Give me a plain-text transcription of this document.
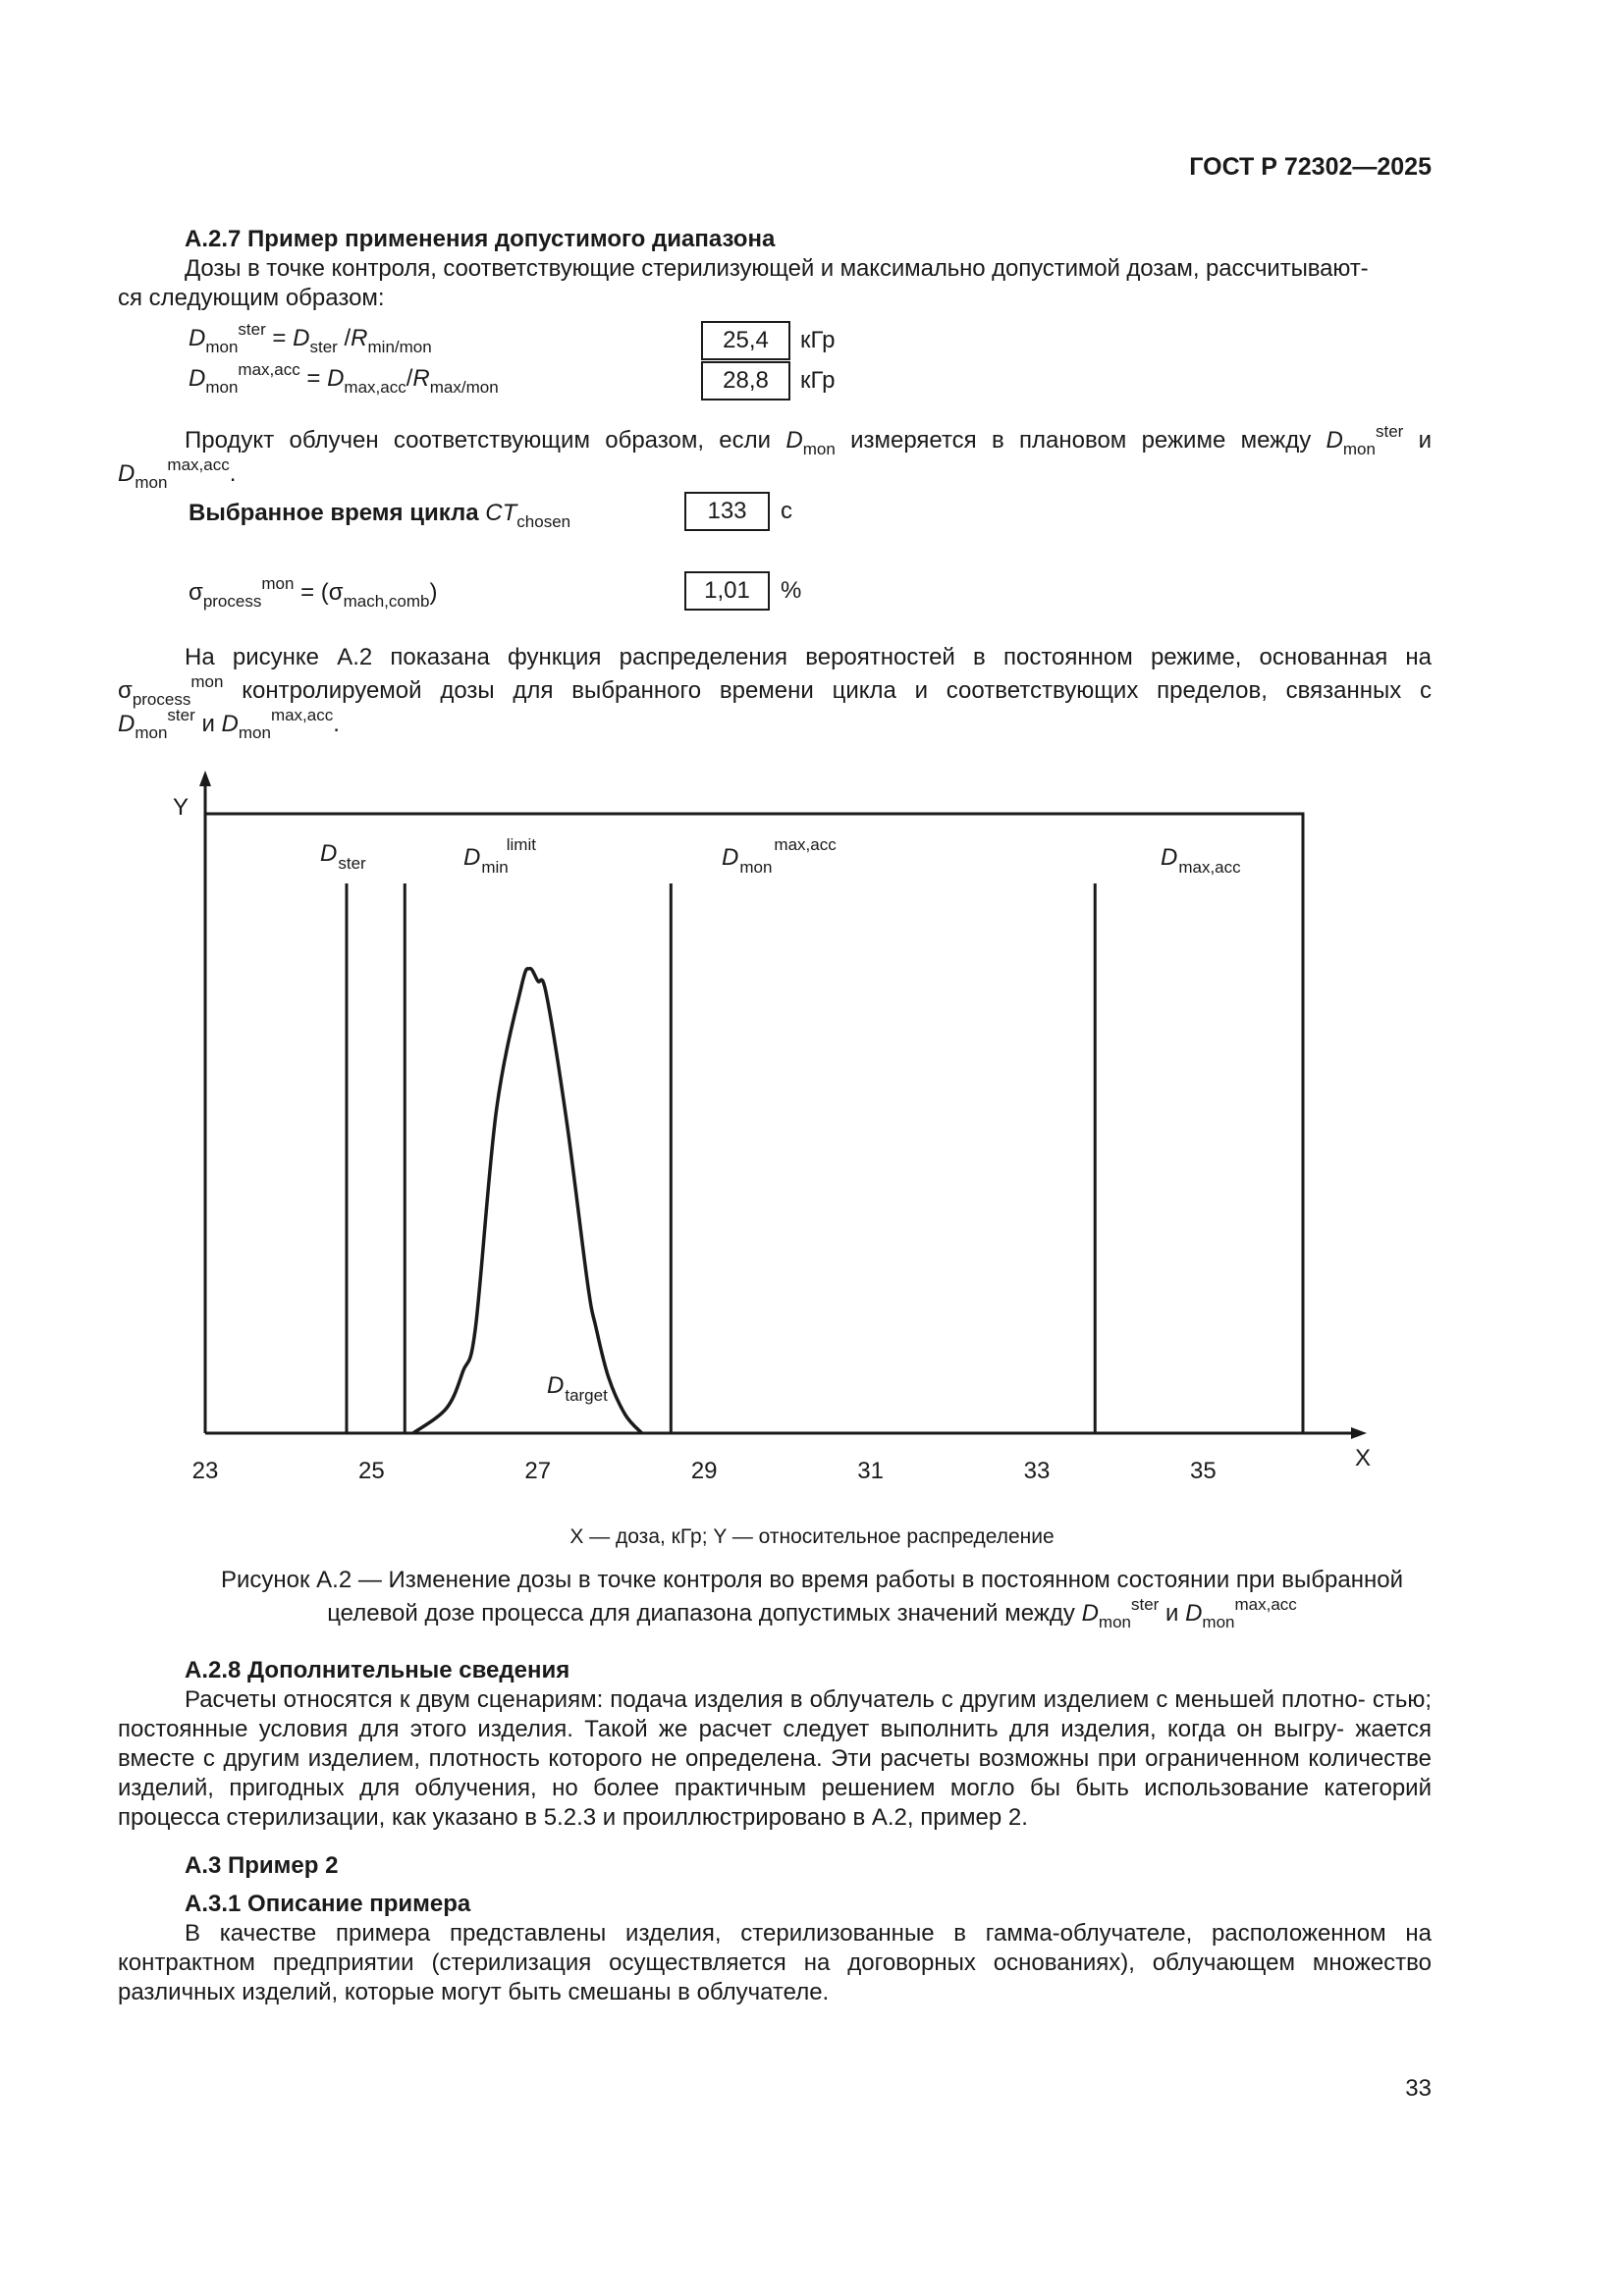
ГОСТ Р 72302—2025
А.2.7 Пример применения допустимого диапазона
Дозы в точке контроля, соответствующие стерилизующей и максимально допустимой дозам, рассчитывают-
ся следующим образом:
$D_{mon}^{ster} = D_{ster}$ $/R_{min/mon}$	25,4	кГр
$D_{mon}^{max,acc} = D_{max,acc}/R_{max/mon}$	28,8	кГр
Продукт облучен соответствующим образом, если $D_{mon}$ измеряется в плановом режиме между $D_{mon}^{ster}$ и
$D_{mon}^{max,acc}$.
Выбранное время цикла $CT_{chosen}$	133	с
$\sigma_{process}^{mon} = (\sigma_{mach,comb})$	1,01	%
На рисунке А.2 показана функция распределения вероятностей в постоянном режиме, основанная на
$\sigma_{process}^{mon}$ контролируемой дозы для выбранного времени цикла и соответствующих пределов, связанных с
$D_{mon}^{ster}$ и $D_{mon}^{max,acc}$.
X
Y
23	25	27	29	31	33	35
$D_{ster}$	$D_{min}limit$	$D_{mon}^{max,acc}$	$D_{max,acc}$
$D_{target}$
X — доза, кГр; Y — относительное распределение
Рисунок А.2 — Изменение дозы в точке контроля во время работы в постоянном состоянии при выбранной
целевой дозе процесса для диапазона допустимых значений между $D_{mon}^{ster}$ и $D_{mon}^{max,acc}$
А.2.8 Дополнительные сведения
Расчеты относятся к двум сценариям: подача изделия в облучатель с другим изделием с меньшей плотно- стью; постоянные условия для этого изделия. Такой же расчет следует выполнить для изделия, когда он выгру- жается вместе с другим изделием, плотность которого не определена. Эти расчеты возможны при ограниченном количестве изделий, пригодных для облучения, но более практичным решением могло бы быть использование категорий процесса стерилизации, как указано в 5.2.3 и проиллюстрировано в А.2, пример 2.
А.3 Пример 2
А.3.1 Описание примера
В качестве примера представлены изделия, стерилизованные в гамма-облучателе, расположенном на контрактном предприятии (стерилизация осуществляется на договорных основаниях), облучающем множество различных изделий, которые могут быть смешаны в облучателе.
33
